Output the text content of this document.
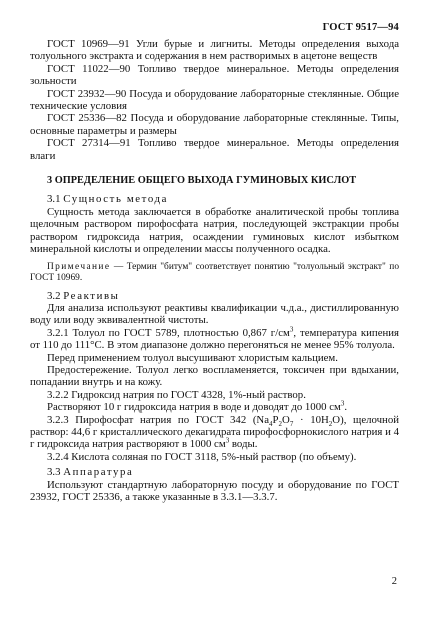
ГОСТ 9517—94

ГОСТ 10969—91 Угли бурые и лигниты. Методы определения выхода толуольного экстракта и содержания в нем растворимых в ацетоне веществ

ГОСТ 11022—90 Топливо твердое минеральное. Методы определения зольности

ГОСТ 23932—90 Посуда и оборудование лабораторные стеклянные. Общие технические условия

ГОСТ 25336—82 Посуда и оборудование лабораторные стеклянные. Типы, основные параметры и размеры

ГОСТ 27314—91 Топливо твердое минеральное. Методы определения влаги

3 ОПРЕДЕЛЕНИЕ ОБЩЕГО ВЫХОДА ГУМИНОВЫХ КИСЛОТ

3.1 Сущность метода

Сущность метода заключается в обработке аналитической пробы топлива щелочным раствором пирофосфата натрия, последующей экстракции пробы раствором гидроксида натрия, осаждении гуминовых кислот избытком минеральной кислоты и определении массы полученного осадка.

Примечание — Термин "битум" соответствует понятию "толуольный экстракт" по ГОСТ 10969.

3.2 Реактивы

Для анализа используют реактивы квалификации ч.д.а., дистиллированную воду или воду эквивалентной чистоты.

3.2.1 Толуол по ГОСТ 5789, плотностью 0,867 $г/см^3$, температура кипения от 110 до 111°С. В этом диапазоне должно перегоняться не менее 95% толуола.

Перед применением толуол высушивают хлористым кальцием.

Предостережение. Толуол легко воспламеняется, токсичен при вдыхании, попадании внутрь и на кожу.

3.2.2 Гидроксид натрия по ГОСТ 4328, 1%-ный раствор.

Растворяют 10 г гидроксида натрия в воде и доводят до 1000 $см^3$.

3.2.3 Пирофосфат натрия по ГОСТ 342 $(Na_4P_2O_7 \cdot 10H_2O)$, щелочной раствор: 44,6 г кристаллического декагидрата пирофосфорнокислого натрия и 4 г гидроксида натрия растворяют в 1000 $см^3$ воды.

3.2.4 Кислота соляная по ГОСТ 3118, 5%-ный раствор (по объему).

3.3 Аппаратура

Используют стандартную лабораторную посуду и оборудование по ГОСТ 23932, ГОСТ 25336, а также указанные в 3.3.1—3.3.7.

2
